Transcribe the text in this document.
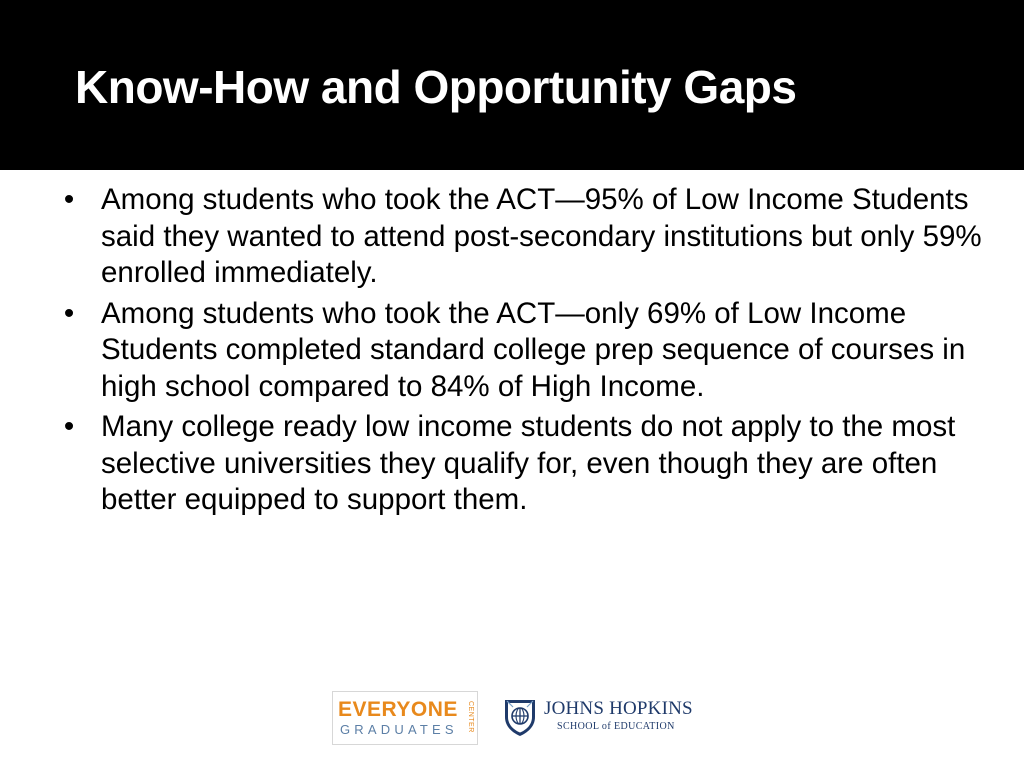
Know-How and Opportunity Gaps
• Among students who took the ACT—95% of Low Income Students said they wanted to attend post-secondary institutions but only 59% enrolled immediately.
• Among students who took the ACT—only 69% of Low Income Students completed standard college prep sequence of courses in high school compared to 84% of High Income.
• Many college ready low income students do not apply to the most selective universities they qualify for, even though they are often better equipped to support them.
EVERYONE
GRADUATES CENTER	JOHNS HOPKINS
SCHOOL of EDUCATION
